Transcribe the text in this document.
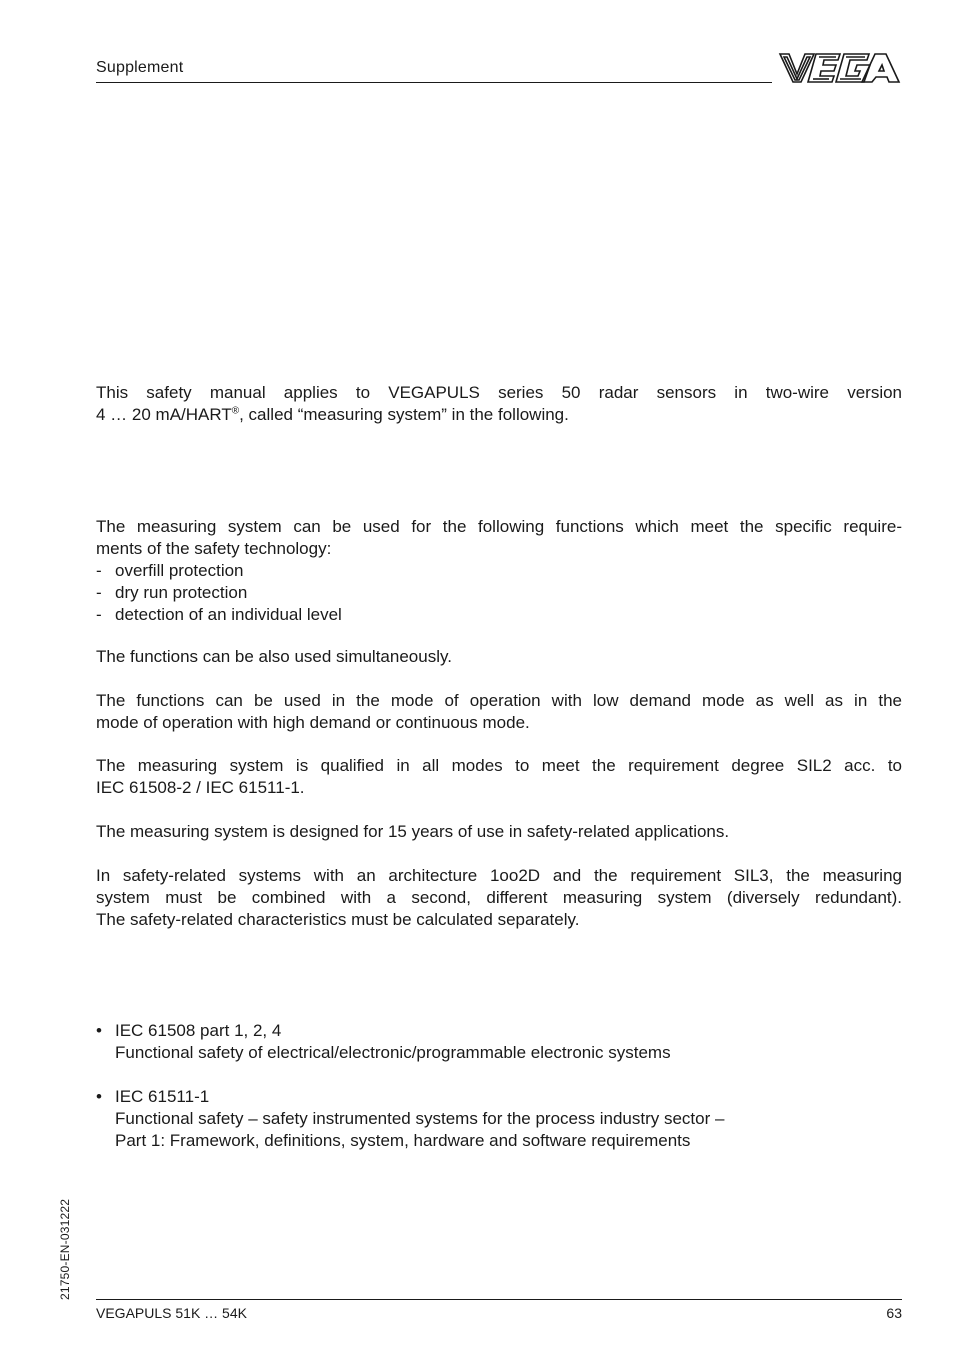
Supplement

This safety manual applies to VEGAPULS series 50 radar sensors in two-wire version
4 … 20 mA/HART®, called “measuring system” in the following.

The measuring system can be used for the following functions which meet the specific require-
ments of the safety technology:

- overfill protection
- dry run protection
- detection of an individual level

The functions can be also used simultaneously.

The functions can be used in the mode of operation with low demand mode as well as in the
mode of operation with high demand or continuous mode.

The measuring system is qualified in all modes to meet the requirement degree SIL2 acc. to
IEC 61508-2 / IEC 61511-1.

The measuring system is designed for 15 years of use in safety-related applications.

In safety-related systems with an architecture 1oo2D and the requirement SIL3, the measuring
system must be combined with a second, different measuring system (diversely redundant).
The safety-related characteristics must be calculated separately.

• IEC 61508 part 1, 2, 4
Functional safety of electrical/electronic/programmable electronic systems
• IEC 61511-1
Functional safety – safety instrumented systems for the process industry sector –
Part 1: Framework, definitions, system, hardware and software requirements
21750-EN-031222
VEGAPULS 51K … 54K	63
